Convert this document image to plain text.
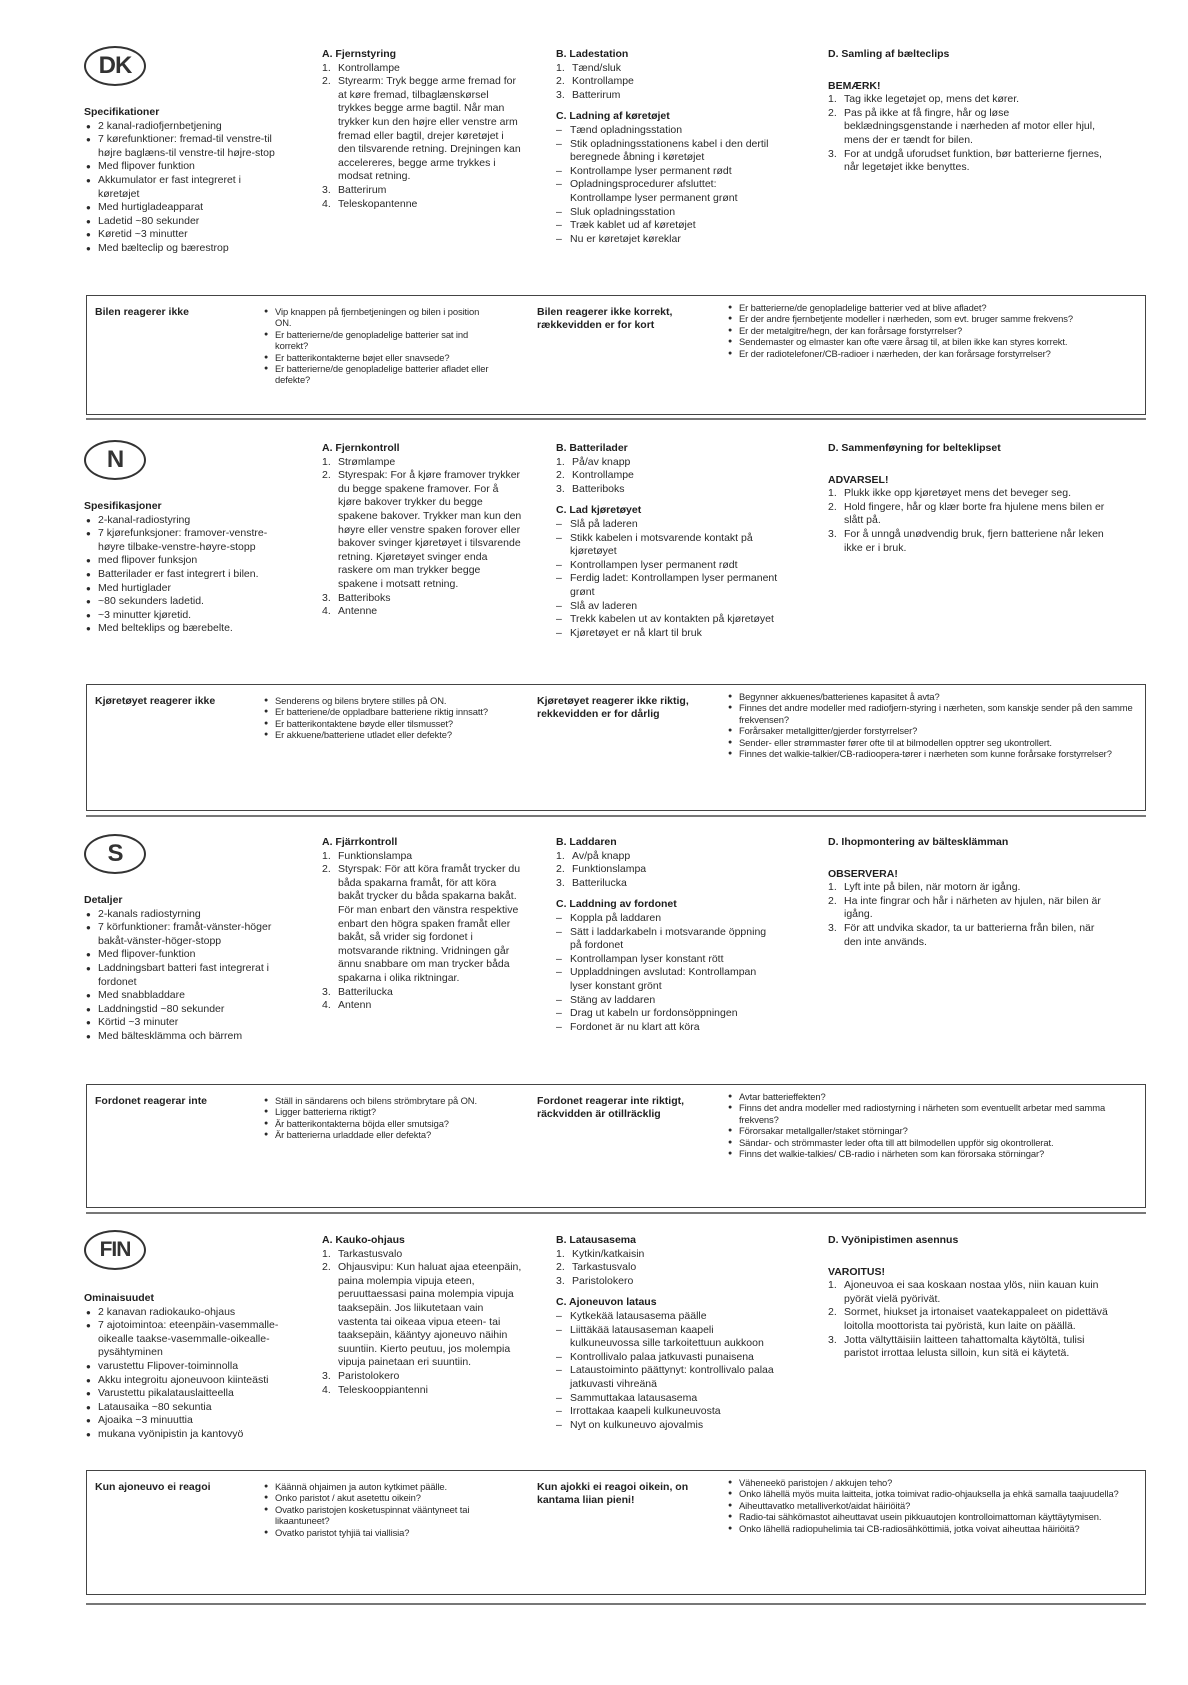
DK
Specifikationer
● 2 kanal-radiofjernbetjening
● 7 kørefunktioner: fremad-til venstre-til højre baglæns-til venstre-til højre-stop
● Med flipover funktion
● Akkumulator er fast integreret i køretøjet
● Med hurtigladeapparat
● Ladetid ~80 sekunder
● Køretid ~3 minutter
● Med bælteclip og bærestrop
A. Fjernstyring
1. Kontrollampe
2. Styrearm: Tryk begge arme fremad for at køre fremad, tilbaglænskørsel trykkes begge arme bagtil. Når man trykker kun den højre eller venstre arm fremad eller bagtil, drejer køretøjet i den tilsvarende retning. Drejningen kan accelereres, begge arme trykkes i modsat retning.
3. Batterirum
4. Teleskopantenne
B. Ladestation
1. Tænd/sluk
2. Kontrollampe
3. Batterirum
C. Ladning af køretøjet
– Tænd opladningsstation
– Stik opladningsstationens kabel i den dertil beregnede åbning i køretøjet
– Kontrollampe lyser permanent rødt
– Opladningsprocedurer afsluttet: Kontrollampe lyser permanent grønt
– Sluk opladningsstation
– Træk kablet ud af køretøjet
– Nu er køretøjet køreklar
D. Samling af bælteclips
BEMÆRK!
1. Tag ikke legetøjet op, mens det kører.
2. Pas på ikke at få fingre, hår og løse beklædningsgenstande i nærheden af motor eller hjul, mens der er tændt for bilen.
3. For at undgå uforudset funktion, bør batterierne fjernes, når legetøjet ikke benyttes.
Bilen reagerer ikke	● Vip knappen på fjernbetjeningen og bilen i position ON.
● Er batterierne/de genopladelige batterier sat ind korrekt?
● Er batterikontakterne bøjet eller snavsede?
● Er batterierne/de genopladelige batterier afladet eller defekte?
Bilen reagerer ikke korrekt, rækkevidden er for kort
● Er batterierne/de genopladelige batterier ved at blive afladet?
● Er der andre fjernbetjente modeller i nærheden, som evt. bruger samme frekvens?
● Er der metalgitre/hegn, der kan forårsage forstyrrelser?
● Sendemaster og elmaster kan ofte være årsag til, at bilen ikke kan styres korrekt.
● Er der radiotelefoner/CB-radioer i nærheden, der kan forårsage forstyrrelser?
N
Spesifikasjoner
● 2-kanal-radiostyring
● 7 kjørefunksjoner: framover-venstre-høyre tilbake-venstre-høyre-stopp
● med flipover funksjon
● Batterilader er fast integrert i bilen.
● Med hurtiglader
● ~80 sekunders ladetid.
● ~3 minutter kjøretid.
● Med belteklips og bærebelte.
A. Fjernkontroll
1. Strømlampe
2. Styrespak: For å kjøre framover trykker du begge spakene framover. For å kjøre bakover trykker du begge spakene bakover. Trykker man kun den høyre eller venstre spaken forover eller bakover svinger kjøretøyet i tilsvarende retning. Kjøretøyet svinger enda raskere om man trykker begge spakene i motsatt retning.
3. Batteriboks
4. Antenne
B. Batterilader
1. På/av knapp
2. Kontrollampe
3. Batteriboks
C. Lad kjøretøyet
– Slå på laderen
– Stikk kabelen i motsvarende kontakt på kjøretøyet
– Kontrollampen lyser permanent rødt
– Ferdig ladet: Kontrollampen lyser permanent grønt
– Slå av laderen
– Trekk kabelen ut av kontakten på kjøretøyet
– Kjøretøyet er nå klart til bruk
D. Sammenføyning for belteklipset
ADVARSEL!
1. Plukk ikke opp kjøretøyet mens det beveger seg.
2. Hold fingere, hår og klær borte fra hjulene mens bilen er slått på.
3. For å unngå unødvendig bruk, fjern batteriene når leken ikke er i bruk.
Kjøretøyet reagerer ikke	● Senderens og bilens brytere stilles på ON.
● Er batteriene/de oppladbare batteriene riktig innsatt?
● Er batterikontaktene bøyde eller tilsmusset?
● Er akkuene/batteriene utladet eller defekte?
Kjøretøyet reagerer ikke riktig, rekkevidden er for dårlig
● Begynner akkuenes/batterienes kapasitet å avta?
● Finnes det andre modeller med radiofjern-styring i nærheten, som kanskje sender på den samme frekvensen?
● Forårsaker metallgitter/gjerder forstyrrelser?
● Sender- eller strømmaster fører ofte til at bilmodellen opptrer seg ukontrollert.
● Finnes det walkie-talkier/CB-radioopera-tører i nærheten som kunne forårsake forstyrrelser?
S
Detaljer
● 2-kanals radiostyrning
● 7 körfunktioner: framåt-vänster-höger bakåt-vänster-höger-stopp
● Med flipover-funktion
● Laddningsbart batteri fast integrerat i fordonet
● Med snabbladdare
● Laddningstid ~80 sekunder
● Körtid ~3 minuter
● Med bältesklämma och bärrem
A. Fjärrkontroll
1. Funktionslampa
2. Styrspak: För att köra framåt trycker du båda spakarna framåt, för att köra bakåt trycker du båda spakarna bakåt. För man enbart den vänstra respektive enbart den högra spaken framåt eller bakåt, så vrider sig fordonet i motsvarande riktning. Vridningen går ännu snabbare om man trycker båda spakarna i olika riktningar.
3. Batterilucka
4. Antenn
B. Laddaren
1. Av/på knapp
2. Funktionslampa
3. Batterilucka
C. Laddning av fordonet
– Koppla på laddaren
– Sätt i laddarkabeln i motsvarande öppning på fordonet
– Kontrollampan lyser konstant rött
– Uppladdningen avslutad: Kontrollampan lyser konstant grönt
– Stäng av laddaren
– Drag ut kabeln ur fordonsöppningen
– Fordonet är nu klart att köra
D. Ihopmontering av bältesklämman
OBSERVERA!
1. Lyft inte på bilen, när motorn är igång.
2. Ha inte fingrar och hår i närheten av hjulen, när bilen är igång.
3. För att undvika skador, ta ur batterierna från bilen, när den inte används.
Fordonet reagerar inte	● Ställ in sändarens och bilens strömbrytare på ON.
● Ligger batterierna riktigt?
● Är batterikontakterna böjda eller smutsiga?
● Är batterierna urladdade eller defekta?
Fordonet reagerar inte riktigt, räckvidden är otillräcklig
● Avtar batterieffekten?
● Finns det andra modeller med radiostyrning i närheten som eventuellt arbetar med samma frekvens?
● Förorsakar metallgaller/staket störningar?
● Sändar- och strömmaster leder ofta till att bilmodellen uppför sig okontrollerat.
● Finns det walkie-talkies/ CB-radio i närheten som kan förorsaka störningar?
FIN
Ominaisuudet
● 2 kanavan radiokauko-ohjaus
● 7 ajotoimintoa: eteenpäin-vasemmalle-oikealle taakse-vasemmalle-oikealle-pysähtyminen
● varustettu Flipover-toiminnolla
● Akku integroitu ajoneuvoon kiinteästi
● Varustettu pikalatauslaitteella
● Latausaika ~80 sekuntia
● Ajoaika ~3 minuuttia
● mukana vyönipistin ja kantovyö
A. Kauko-ohjaus
1. Tarkastusvalo
2. Ohjausvipu: Kun haluat ajaa eteenpäin, paina molempia vipuja eteen, peruuttaessasi paina molempia vipuja taaksepäin. Jos liikutetaan vain vastenta tai oikeaa vipua eteen- tai taaksepäin, kääntyy ajoneuvo näihin suuntiin. Kierto peutuu, jos molempia vipuja painetaan eri suuntiin.
3. Paristolokero
4. Teleskooppiantenni
B. Latausasema
1. Kytkin/katkaisin
2. Tarkastusvalo
3. Paristolokero
C. Ajoneuvon lataus
– Kytkekää latausasema päälle
– Liittäkää latausaseman kaapeli kulkuneuvossa sille tarkoitettuun aukkoon
– Kontrollivalo palaa jatkuvasti punaisena
– Lataustoiminto päättynyt: kontrollivalo palaa jatkuvasti vihreänä
– Sammuttakaa latausasema
– Irrottakaa kaapeli kulkuneuvosta
– Nyt on kulkuneuvo ajovalmis
D. Vyönipistimen asennus
VAROITUS!
1. Ajoneuvoa ei saa koskaan nostaa ylös, niin kauan kuin pyörät vielä pyörivät.
2. Sormet, hiukset ja irtonaiset vaatekappaleet on pidettävä loitolla moottorista tai pyöristä, kun laite on päällä.
3. Jotta vältyttäisiin laitteen tahattomalta käytöltä, tulisi paristot irrottaa lelusta silloin, kun sitä ei käytetä.
Kun ajoneuvo ei reagoi	● Käännä ohjaimen ja auton kytkimet päälle.
● Onko paristot / akut asetettu oikein?
● Ovatko paristojen kosketuspinnat vääntyneet tai likaantuneet?
● Ovatko paristot tyhjiä tai viallisia?
Kun ajokki ei reagoi oikein, on kantama liian pieni!
● Väheneekö paristojen / akkujen teho?
● Onko lähellä myös muita laitteita, jotka toimivat radio-ohjauksella ja ehkä samalla taajuudella?
● Aiheuttavatko metalliverkot/aidat häiriöitä?
● Radio-tai sähkömastot aiheuttavat usein pikkuautojen kontrolloimattoman käyttäytymisen.
● Onko lähellä radiopuhelimia tai CB-radiosähköttimiä, jotka voivat aiheuttaa häiriöitä?
